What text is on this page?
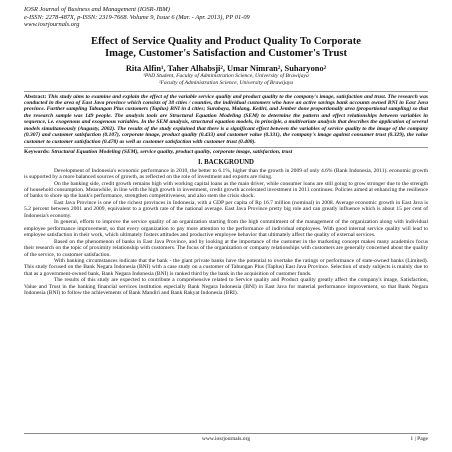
IOSR Journal of Business and Management (IOSR-JBM)
e-ISSN: 2278-487X, p-ISSN: 2319-7668. Volume 9, Issue 6 (Mar. - Apr. 2013), PP 01-09
www.iosrjournals.org
Effect of Service Quality and Product Quality To Corporate
Image, Customer's Satisfaction and Customer's Trust
Rita Alfin¹, Taher Alhabsji², Umar Nimran², Suharyono²
¹PhD Student, Faculty of Administration Science, University of Brawijaya
²Faculty of Administration Science, University of Brawijaya
Abstract: This study aims to examine and explain the effect of the variable service quality and product quality to the company's image, satisfaction and trust. The research was conducted in the area of East Java province which consists of 38 cities / counties, the individual customers who have an active savings bank accounts owned BNI in East Java province. Further sampling Tabungan Plus customers (Taplus) BNI in 4 cities; Surabaya, Malang, Kediri, and Jember done proportionally area (proportional sampling) so that the research sample was 149 people. The analysis tools are Structural Equation Modeling (SEM) to determine the pattern and effect relationships between variables in sequence, i.e. exogenous and exogenous variables. In the SEM analysis, structural equation models, in principle, a multivariate analysis that describes the application of several models simultaneously (Augusty, 2002). The results of the study explained that there is a significant effect between the variables of service quality to the image of the company (0.307) and customer satisfaction (0.107), corporate image, product quality (0.433) and customer value (0.331), the company's image against consumer trust (0.329), the value customer to customer satisfaction (0.478) as well as customer satisfaction with customer trust (0.408).
Keywords: Structural Equation Modeling (SEM), service quality, product quality, corporate image, satisfaction, trust
I. BACKGROUND

Development of Indonesia's economic performance in 2010, the better to 6.1%, higher than the growth in 2009 of only 4.6% (Bank Indonesia, 2011). economic growth is supported by a more balanced sources of growth, as reflected on the role of investment and exports are rising.

On the banking side, credit growth remains high with working capital loans as the main driver, while consumer loans are still going to grow stronger due to the strength of household consumption. Meanwhile, in line with the high growth in investment, credit growth accelerated investment in 2011 continues. Policies aimed at enhancing the resilience of banks to shore up the bank's performance, strengthen competitiveness, and also stem the crisis shock.

East Java Province is one of the richest provinces in Indonesia, with a GDP per capita of Rp 16.7 million (nominal) in 2008. Average economic growth in East Java is 5.2 percent between 2001 and 2009, equivalent to a growth rate of the national average. East Java Province pretty big role and can greatly influence which is about 15 per cent of Indonesia's economy.

In general, efforts to improve the service quality of an organization starting from the high commitment of the management of the organization along with individual employee performance improvement, so that every organization to pay more attention to the performance of individual employees. With good internal service quality will lead to employee satisfaction in their work, which ultimately fosters attitudes and productive employee behavior that ultimately affect the quality of external services.

Based on the phenomenon of banks in East Java Province, and by looking at the importance of the customer in the marketing concept makes many academics focus their research on the topic of proximity relationship with customers. The focus of the organization or company relationships with customers are generally concerned about the quality of the service, to customer satisfaction.

With banking circumstances indicate that the bank - the giant private banks have the potential to overtake the ratings or performance of state-owned banks (Limited). This study focused on the Bank Negara Indonesia (BNI) with a case study on a customer of Tabungan Plus (Taplus) East Java Province. Selection of study subjects is mainly due to that as a government-owned bank, Bank Negara Indonesia (BNI) is ranked third by the bank in the acquisition of customer funds.

The results of this study are expected to contribute a comprehensive related to Service quality and Product quality greatly affect the company's image, Satisfaction, Value and Trust in the banking financial services institution especially Bank Negara Indonesia (BNI) in East Java for material performance improvement, so that Bank Negara Indonesia (BNI) to follow the achievements of Bank Mandiri and Bank Rakyat Indonesia (BRI).

www.iosrjournals.org	1 | Page
